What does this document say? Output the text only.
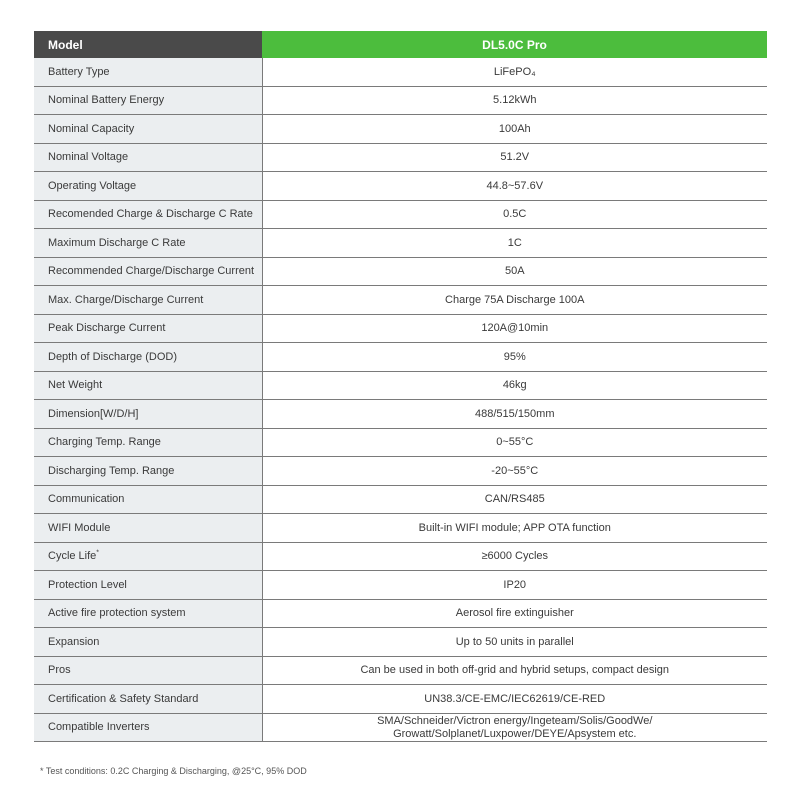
Model	DL5.0C Pro
Battery Type	LiFePO₄
Nominal Battery Energy	5.12kWh
Nominal Capacity	100Ah
Nominal Voltage	51.2V
Operating Voltage	44.8~57.6V
Recomended Charge & Discharge C Rate	0.5C
Maximum Discharge C Rate	1C
Recommended Charge/Discharge Current	50A
Max. Charge/Discharge Current	Charge 75A Discharge 100A
Peak Discharge Current	120A@10min
Depth of Discharge (DOD)	95%
Net Weight	46kg
Dimension[W/D/H]	488/515/150mm
Charging Temp. Range	0~55°C
Discharging Temp. Range	-20~55°C
Communication	CAN/RS485
WIFI Module	Built-in WIFI module; APP OTA function
Cycle Life*	≥6000 Cycles
Protection Level	IP20
Active fire protection system	Aerosol fire extinguisher
Expansion	Up to 50 units in parallel
Pros	Can be used in both off-grid and hybrid setups, compact design
Certification & Safety Standard	UN38.3/CE-EMC/IEC62619/CE-RED
Compatible Inverters	SMA/Schneider/Victron energy/Ingeteam/Solis/GoodWe/
Growatt/Solplanet/Luxpower/DEYE/Apsystem etc.
* Test conditions: 0.2C Charging & Discharging, @25°C, 95% DOD
